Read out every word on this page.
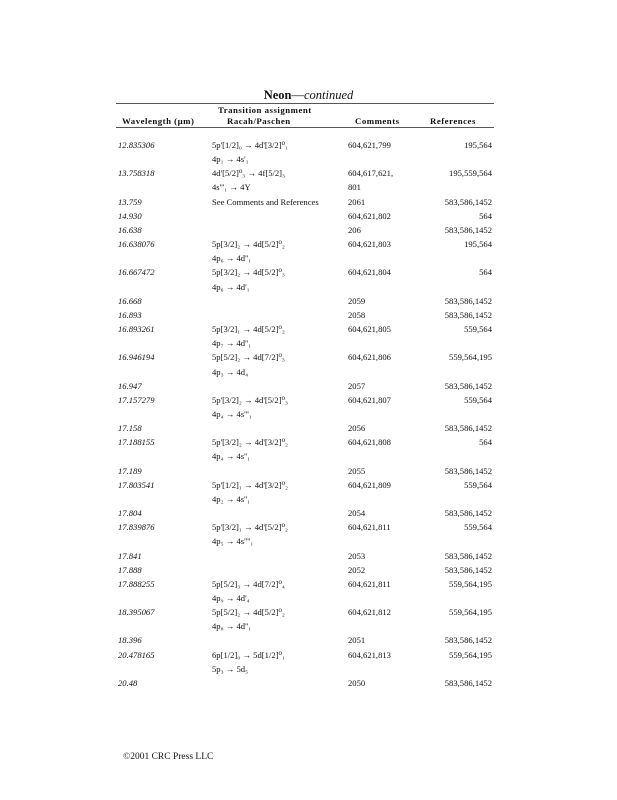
Neon—continued
Transition assignment
Wavelength (µm)	Racah/Paschen	Comments	References
12.835306	5p'[1/2]₀ → 4d'[3/2]⁰₁	604,621,799	195,564
	4p₁ → 4s'₁		
13.758318	4d'[5/2]⁰₃ → 4f[5/2]₃	604,617,621,	195,559,564
	4s'''₁ → 4Y	801	
13.759	See Comments and References	2061	583,586,1452
14.930		604,621,802	564
16.638		206	583,586,1452
16.638076	5p[3/2]₂ → 4d[5/2]⁰₂	604,621,803	195,564
	4p₆ → 4d''₁		
16.667472	5p[3/2]₂ → 4d[5/2]⁰₃	604,621,804	564
	4p₆ → 4d'₁		
16.668		2059	583,586,1452
16.893		2058	583,586,1452
16.893261	5p[3/2]₁ → 4d[5/2]⁰₂	604,621,805	559,564
	4p₇ → 4d''₁		
16.946194	5p[5/2]₂ → 4d[7/2]⁰₃	604,621,806	559,564,195
	4p₃ → 4d₄		
16.947		2057	583,586,1452
17.157279	5p'[3/2]₂ → 4d'[5/2]⁰₃	604,621,807	559,564
	4p₄ → 4s'''₁		
17.158		2056	583,586,1452
17.188155	5p'[3/2]₂ → 4d'[3/2]⁰₂	604,621,808	564
	4p₄ → 4s''₁		
17.189		2055	583,586,1452
17.803541	5p'[1/2]₁ → 4d'[3/2]⁰₂	604,621,809	559,564
	4p₂ → 4s''₁		
17.804		2054	583,586,1452
17.839876	5p'[3/2]₁ → 4d'[5/2]⁰₂	604,621,811	559,564
	4p₅ → 4s''''₁		
17.841		2053	583,586,1452
17.888		2052	583,586,1452
17.888255	5p[5/2]₃ → 4d[7/2]⁰₄	604,621,811	559,564,195
	4p₉ → 4d'₄		
18.395067	5p[5/2]₂ → 4d[5/2]⁰₂	604,621,812	559,564,195
	4p₈ → 4d''₁		
18.396		2051	583,586,1452
20.478165	6p[1/2]₀ → 5d[1/2]⁰₁	604,621,813	559,564,195
	5p₃ → 5d₅		
20.48		2050	583,586,1452
©2001 CRC Press LLC
